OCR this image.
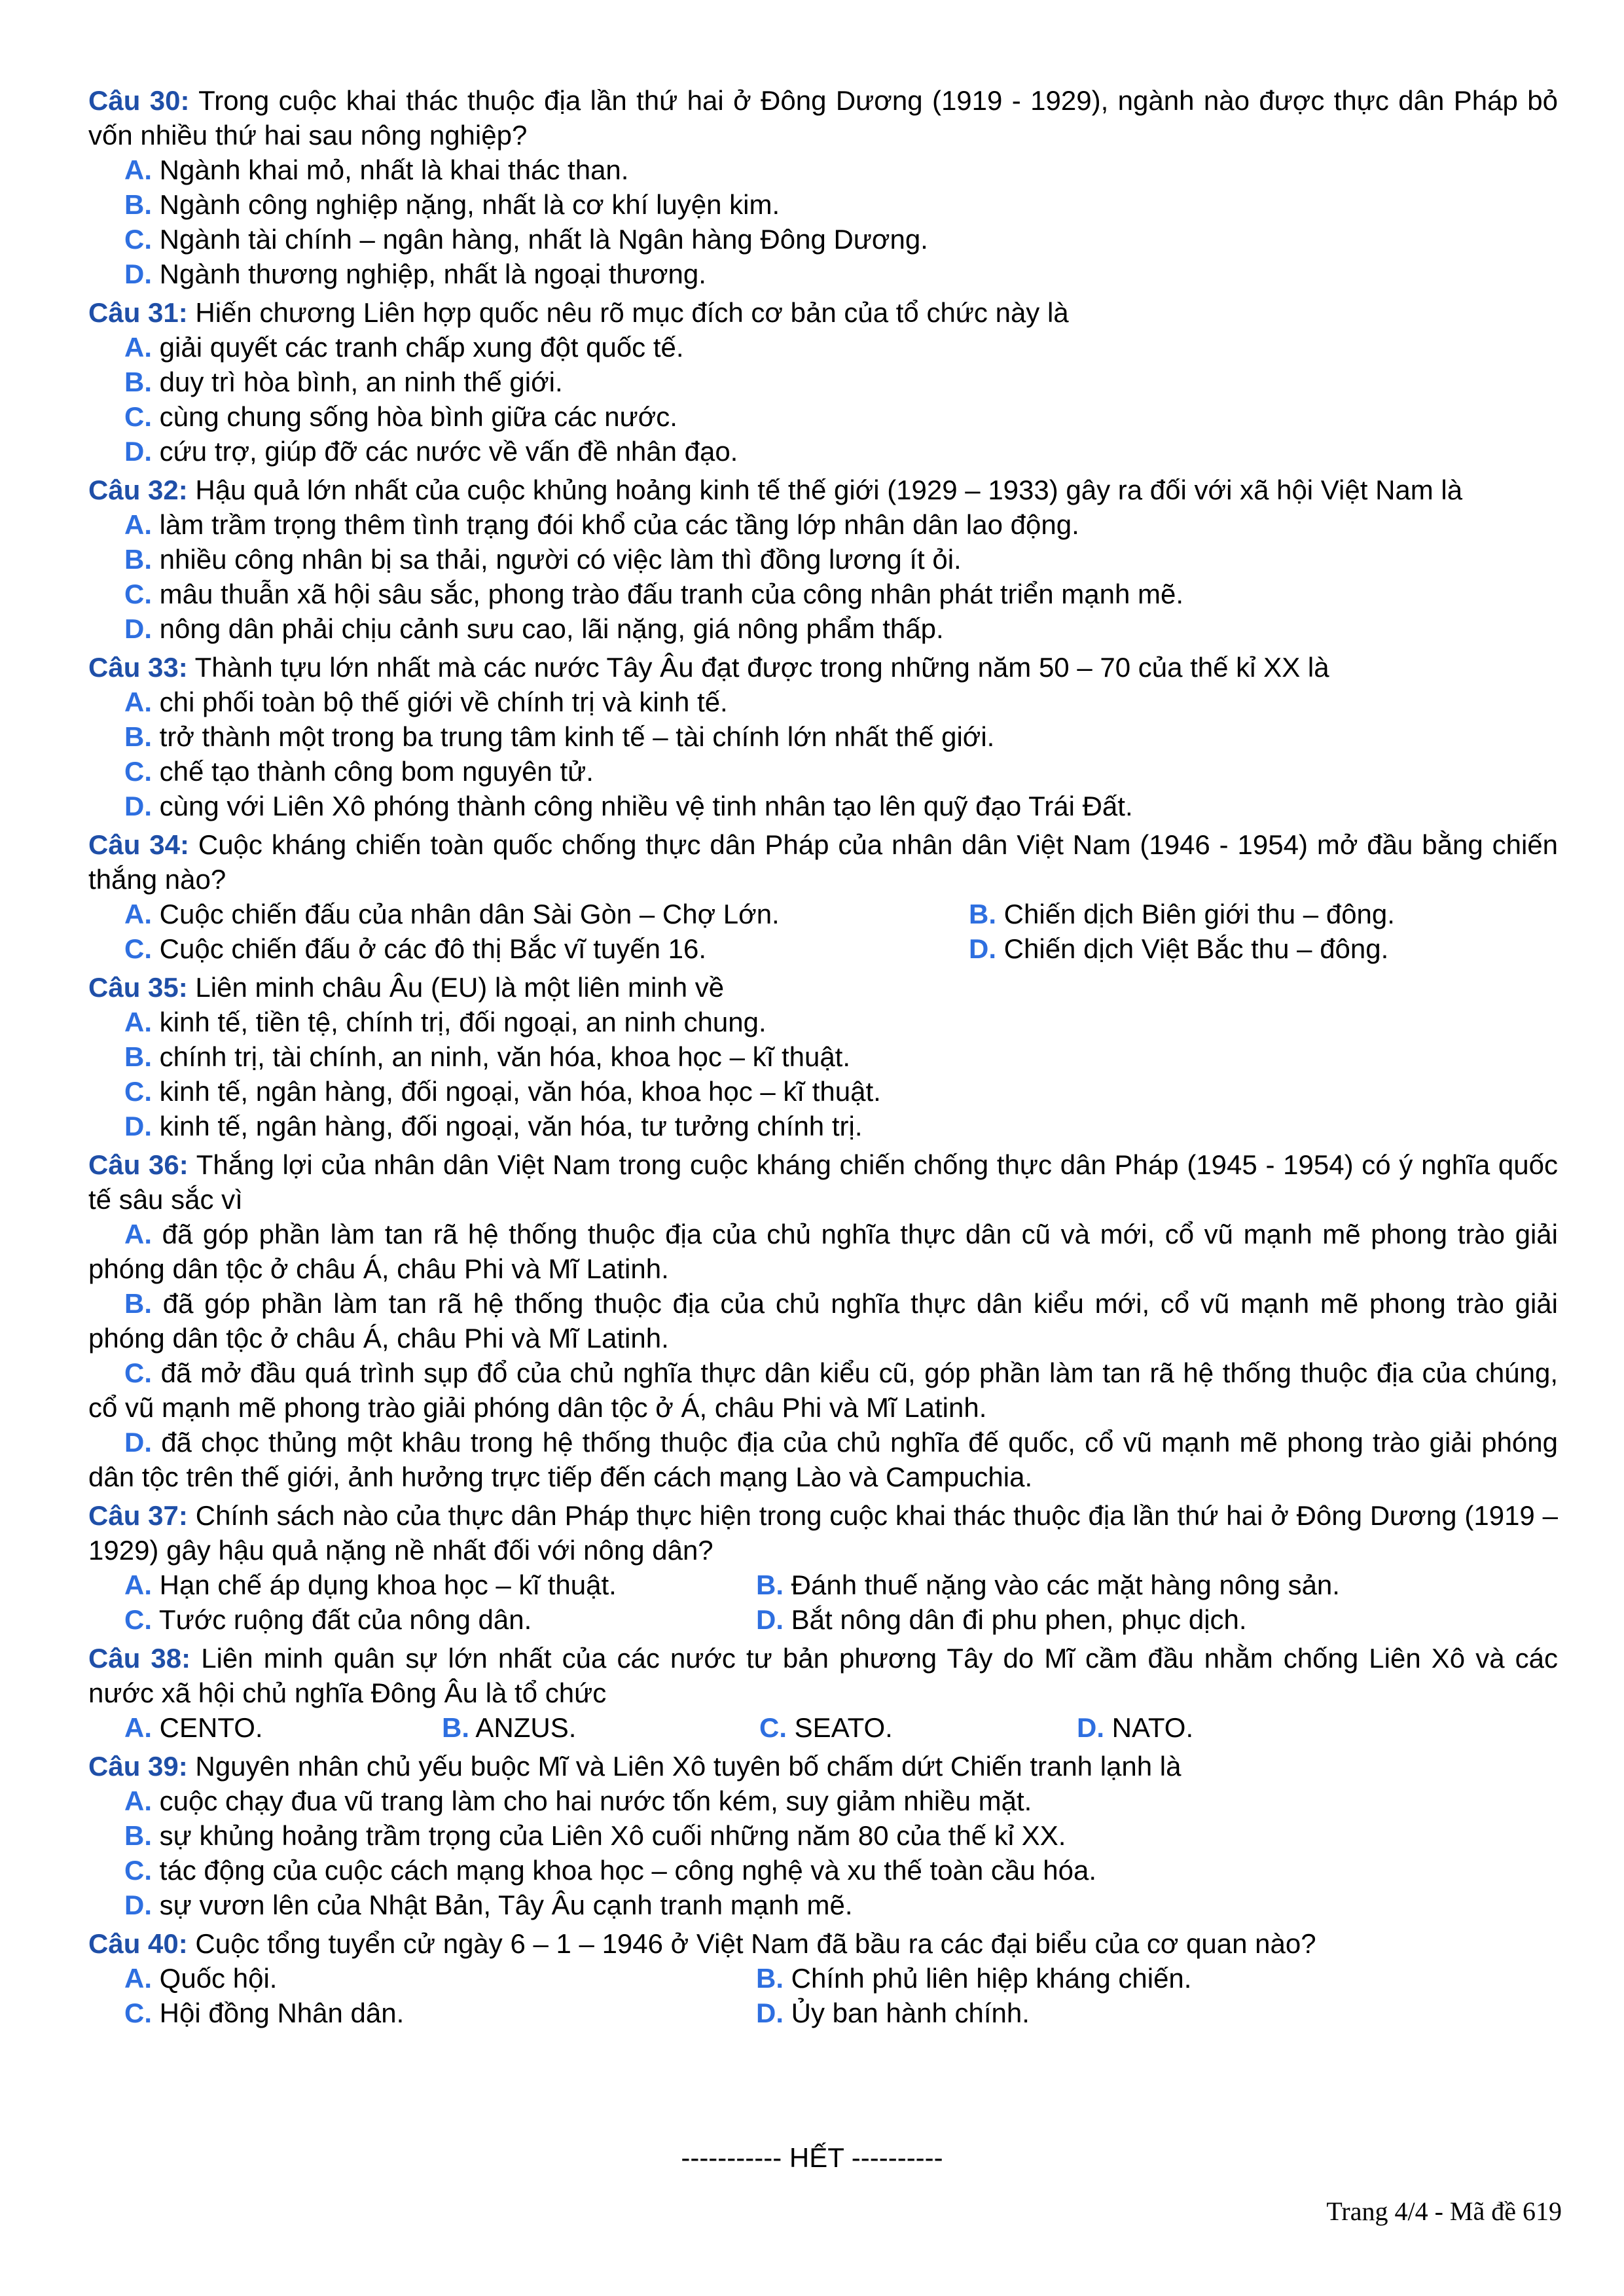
Câu 30: Trong cuộc khai thác thuộc địa lần thứ hai ở Đông Dương (1919 - 1929), ngành nào được thực dân Pháp bỏ vốn nhiều thứ hai sau nông nghiệp?
A. Ngành khai mỏ, nhất là khai thác than.
B. Ngành công nghiệp nặng, nhất là cơ khí luyện kim.
C. Ngành tài chính – ngân hàng, nhất là Ngân hàng Đông Dương.
D. Ngành thương nghiệp, nhất là ngoại thương.
Câu 31: Hiến chương Liên hợp quốc nêu rõ mục đích cơ bản của tổ chức này là
A. giải quyết các tranh chấp xung đột quốc tế.
B. duy trì hòa bình, an ninh thế giới.
C. cùng chung sống hòa bình giữa các nước.
D. cứu trợ, giúp đỡ các nước về vấn đề nhân đạo.
Câu 32: Hậu quả lớn nhất của cuộc khủng hoảng kinh tế thế giới (1929 – 1933) gây ra đối với xã hội Việt Nam là
A. làm trầm trọng thêm tình trạng đói khổ của các tầng lớp nhân dân lao động.
B. nhiều công nhân bị sa thải, người có việc làm thì đồng lương ít ỏi.
C. mâu thuẫn xã hội sâu sắc, phong trào đấu tranh của công nhân phát triển mạnh mẽ.
D. nông dân phải chịu cảnh sưu cao, lãi nặng, giá nông phẩm thấp.
Câu 33: Thành tựu lớn nhất mà các nước Tây Âu đạt được trong những năm 50 – 70 của thế kỉ XX là
A. chi phối toàn bộ thế giới về chính trị và kinh tế.
B. trở thành một trong ba trung tâm kinh tế – tài chính lớn nhất thế giới.
C. chế tạo thành công bom nguyên tử.
D. cùng với Liên Xô phóng thành công nhiều vệ tinh nhân tạo lên quỹ đạo Trái Đất.
Câu 34: Cuộc kháng chiến toàn quốc chống thực dân Pháp của nhân dân Việt Nam (1946 - 1954) mở đầu bằng chiến thắng nào?
A. Cuộc chiến đấu của nhân dân Sài Gòn – Chợ Lớn.	B. Chiến dịch Biên giới thu – đông.
C. Cuộc chiến đấu ở các đô thị Bắc vĩ tuyến 16.	D. Chiến dịch Việt Bắc thu – đông.
Câu 35: Liên minh châu Âu (EU) là một liên minh về
A. kinh tế, tiền tệ, chính trị, đối ngoại, an ninh chung.
B. chính trị, tài chính, an ninh, văn hóa, khoa học – kĩ thuật.
C. kinh tế, ngân hàng, đối ngoại, văn hóa, khoa học – kĩ thuật.
D. kinh tế, ngân hàng, đối ngoại, văn hóa, tư tưởng chính trị.
Câu 36: Thắng lợi của nhân dân Việt Nam trong cuộc kháng chiến chống thực dân Pháp (1945 - 1954) có ý nghĩa quốc tế sâu sắc vì
A. đã góp phần làm tan rã hệ thống thuộc địa của chủ nghĩa thực dân cũ và mới, cổ vũ mạnh mẽ phong trào giải phóng dân tộc ở châu Á, châu Phi và Mĩ Latinh.
B. đã góp phần làm tan rã hệ thống thuộc địa của chủ nghĩa thực dân kiểu mới, cổ vũ mạnh mẽ phong trào giải phóng dân tộc ở châu Á, châu Phi và Mĩ Latinh.
C. đã mở đầu quá trình sụp đổ của chủ nghĩa thực dân kiểu cũ, góp phần làm tan rã hệ thống thuộc địa của chúng, cổ vũ mạnh mẽ phong trào giải phóng dân tộc ở Á, châu Phi và Mĩ Latinh.
D. đã chọc thủng một khâu trong hệ thống thuộc địa của chủ nghĩa đế quốc, cổ vũ mạnh mẽ phong trào giải phóng dân tộc trên thế giới, ảnh hưởng trực tiếp đến cách mạng Lào và Campuchia.
Câu 37: Chính sách nào của thực dân Pháp thực hiện trong cuộc khai thác thuộc địa lần thứ hai ở Đông Dương (1919 – 1929) gây hậu quả nặng nề nhất đối với nông dân?
A. Hạn chế áp dụng khoa học – kĩ thuật.	B. Đánh thuế nặng vào các mặt hàng nông sản.
C. Tước ruộng đất của nông dân.	D. Bắt nông dân đi phu phen, phục dịch.
Câu 38: Liên minh quân sự lớn nhất của các nước tư bản phương Tây do Mĩ cầm đầu nhằm chống Liên Xô và các nước xã hội chủ nghĩa Đông Âu là tổ chức
A. CENTO.	B. ANZUS.	C. SEATO.	D. NATO.
Câu 39: Nguyên nhân chủ yếu buộc Mĩ và Liên Xô tuyên bố chấm dứt Chiến tranh lạnh là
A. cuộc chạy đua vũ trang làm cho hai nước tốn kém, suy giảm nhiều mặt.
B. sự khủng hoảng trầm trọng của Liên Xô cuối những năm 80 của thế kỉ XX.
C. tác động của cuộc cách mạng khoa học – công nghệ và xu thế toàn cầu hóa.
D. sự vươn lên của Nhật Bản, Tây Âu cạnh tranh mạnh mẽ.
Câu 40: Cuộc tổng tuyển cử ngày 6 – 1 – 1946 ở Việt Nam đã bầu ra các đại biểu của cơ quan nào?
A. Quốc hội.	B. Chính phủ liên hiệp kháng chiến.
C. Hội đồng Nhân dân.	D. Ủy ban hành chính.
----------- HẾT ----------
Trang 4/4 - Mã đề 619
